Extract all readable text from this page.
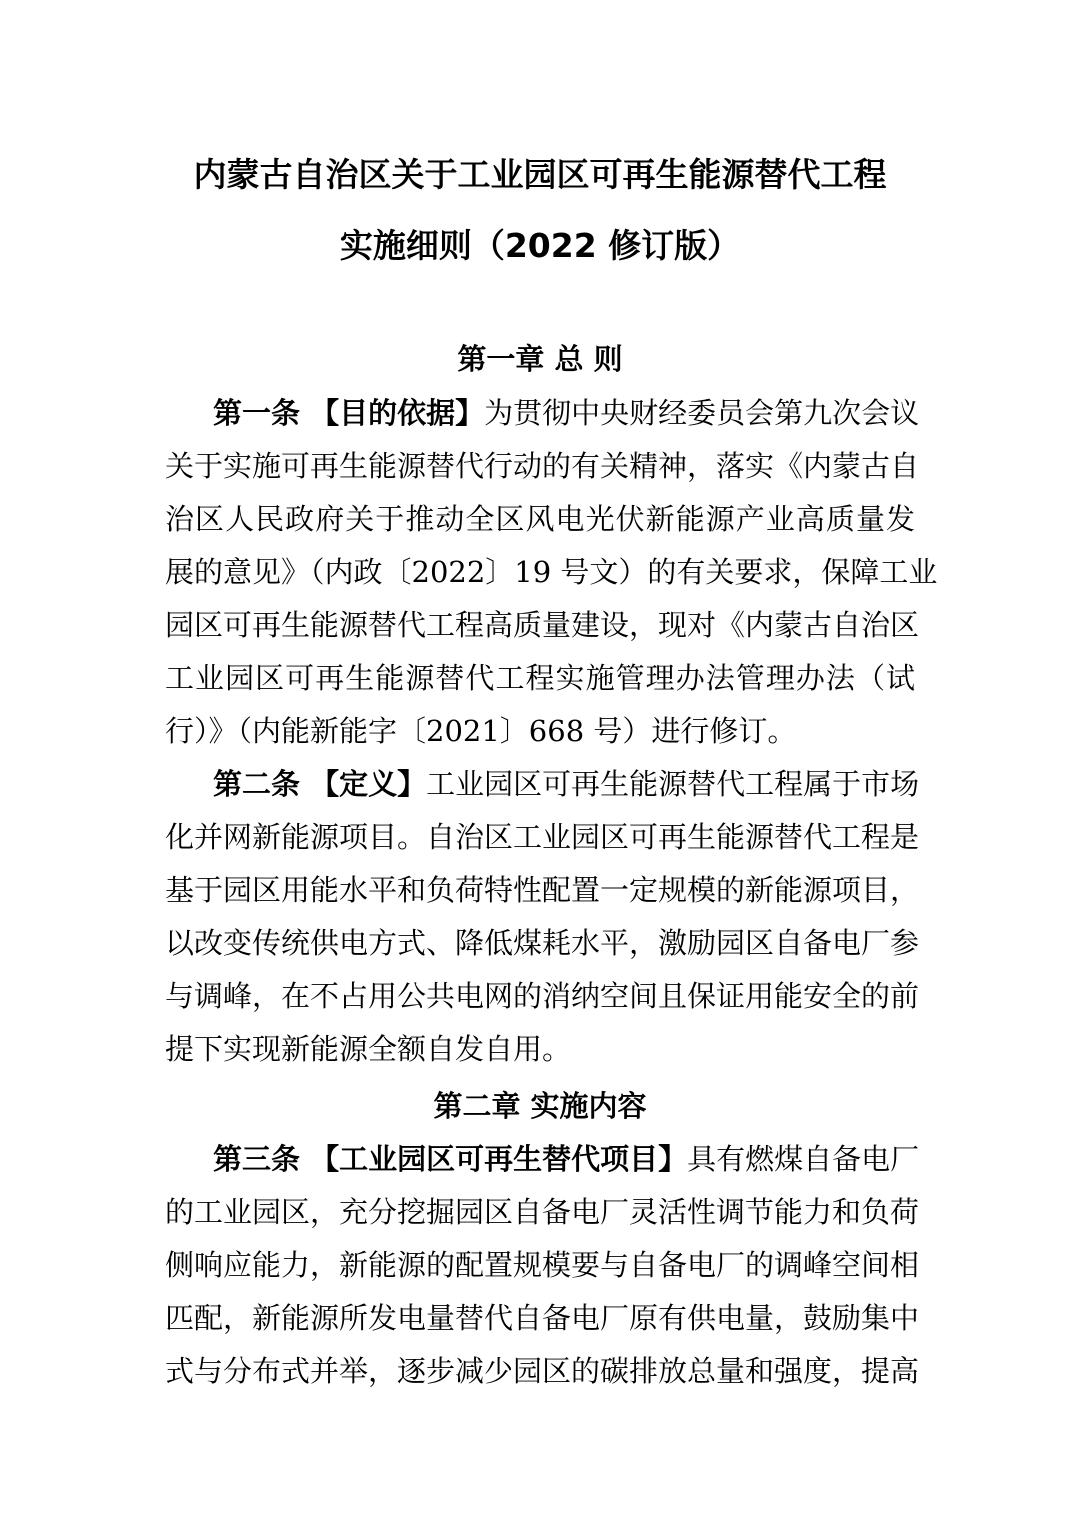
内蒙古自治区关于工业园区可再生能源替代工程
实施细则（2022 修订版）
第一章 总 则
第一条 【目的依据】为贯彻中央财经委员会第九次会议
关于实施可再生能源替代行动的有关精神，落实《内蒙古自
治区人民政府关于推动全区风电光伏新能源产业高质量发
展的意见》（内政〔2022〕19 号文）的有关要求，保障工业
园区可再生能源替代工程高质量建设，现对《内蒙古自治区
工业园区可再生能源替代工程实施管理办法管理办法（试
行）》（内能新能字〔2021〕668 号）进行修订。
第二条 【定义】工业园区可再生能源替代工程属于市场
化并网新能源项目。自治区工业园区可再生能源替代工程是
基于园区用能水平和负荷特性配置一定规模的新能源项目，
以改变传统供电方式、降低煤耗水平，激励园区自备电厂参
与调峰，在不占用公共电网的消纳空间且保证用能安全的前
提下实现新能源全额自发自用。
第二章 实施内容
第三条 【工业园区可再生替代项目】具有燃煤自备电厂
的工业园区，充分挖掘园区自备电厂灵活性调节能力和负荷
侧响应能力，新能源的配置规模要与自备电厂的调峰空间相
匹配，新能源所发电量替代自备电厂原有供电量，鼓励集中
式与分布式并举，逐步减少园区的碳排放总量和强度，提高
